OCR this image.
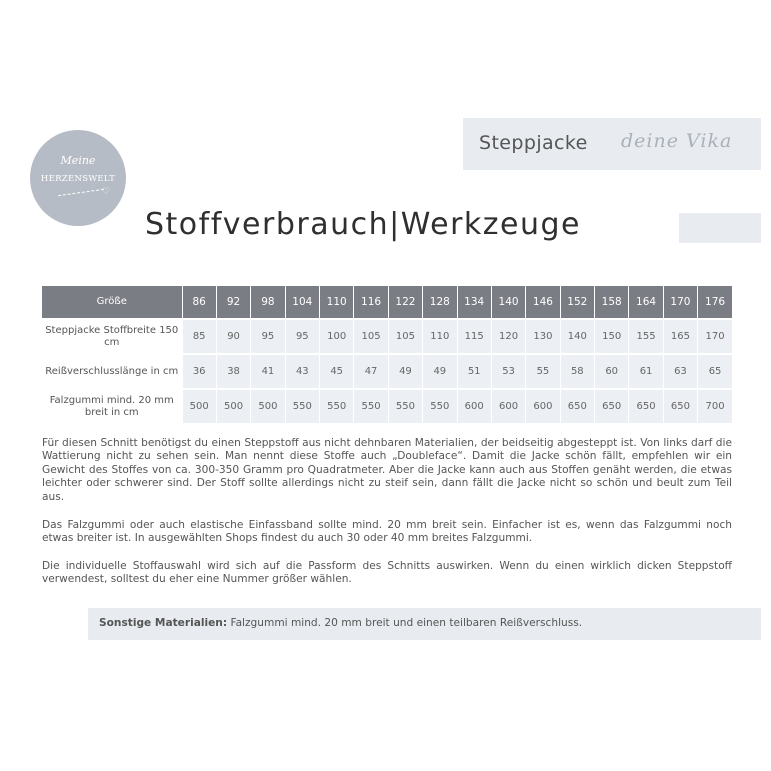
Meine
HERZENSWELT
♡
Steppjacke deine Vika
Stoffverbrauch|Werkzeuge
Größe	86	92	98	104	110	116	122	128	134	140	146	152	158	164	170	176
Steppjacke Stoffbreite 150 cm	85	90	95	95	100	105	105	110	115	120	130	140	150	155	165	170
Reißverschlusslänge in cm	36	38	41	43	45	47	49	49	51	53	55	58	60	61	63	65
Falzgummi mind. 20 mm breit in cm	500	500	500	550	550	550	550	550	600	600	600	650	650	650	650	700

Für diesen Schnitt benötigst du einen Steppstoff aus nicht dehnbaren Materialien, der beidseitig abgesteppt ist. Von links darf die Wattierung nicht zu sehen sein. Man nennt diese Stoffe auch „Doubleface“. Damit die Jacke schön fällt, empfehlen wir ein Gewicht des Stoffes von ca. 300-350 Gramm pro Quadratmeter. Aber die Jacke kann auch aus Stoffen genäht werden, die etwas leichter oder schwerer sind. Der Stoff sollte allerdings nicht zu steif sein, dann fällt die Jacke nicht so schön und beult zum Teil aus.

Das Falzgummi oder auch elastische Einfassband sollte mind. 20 mm breit sein. Einfacher ist es, wenn das Falzgummi noch etwas breiter ist. In ausgewählten Shops findest du auch 30 oder 40 mm breites Falzgummi.

Die individuelle Stoffauswahl wird sich auf die Passform des Schnitts auswirken. Wenn du einen wirklich dicken Steppstoff verwendest, solltest du eher eine Nummer größer wählen.

Sonstige Materialien: Falzgummi mind. 20 mm breit und einen teilbaren Reißverschluss.
